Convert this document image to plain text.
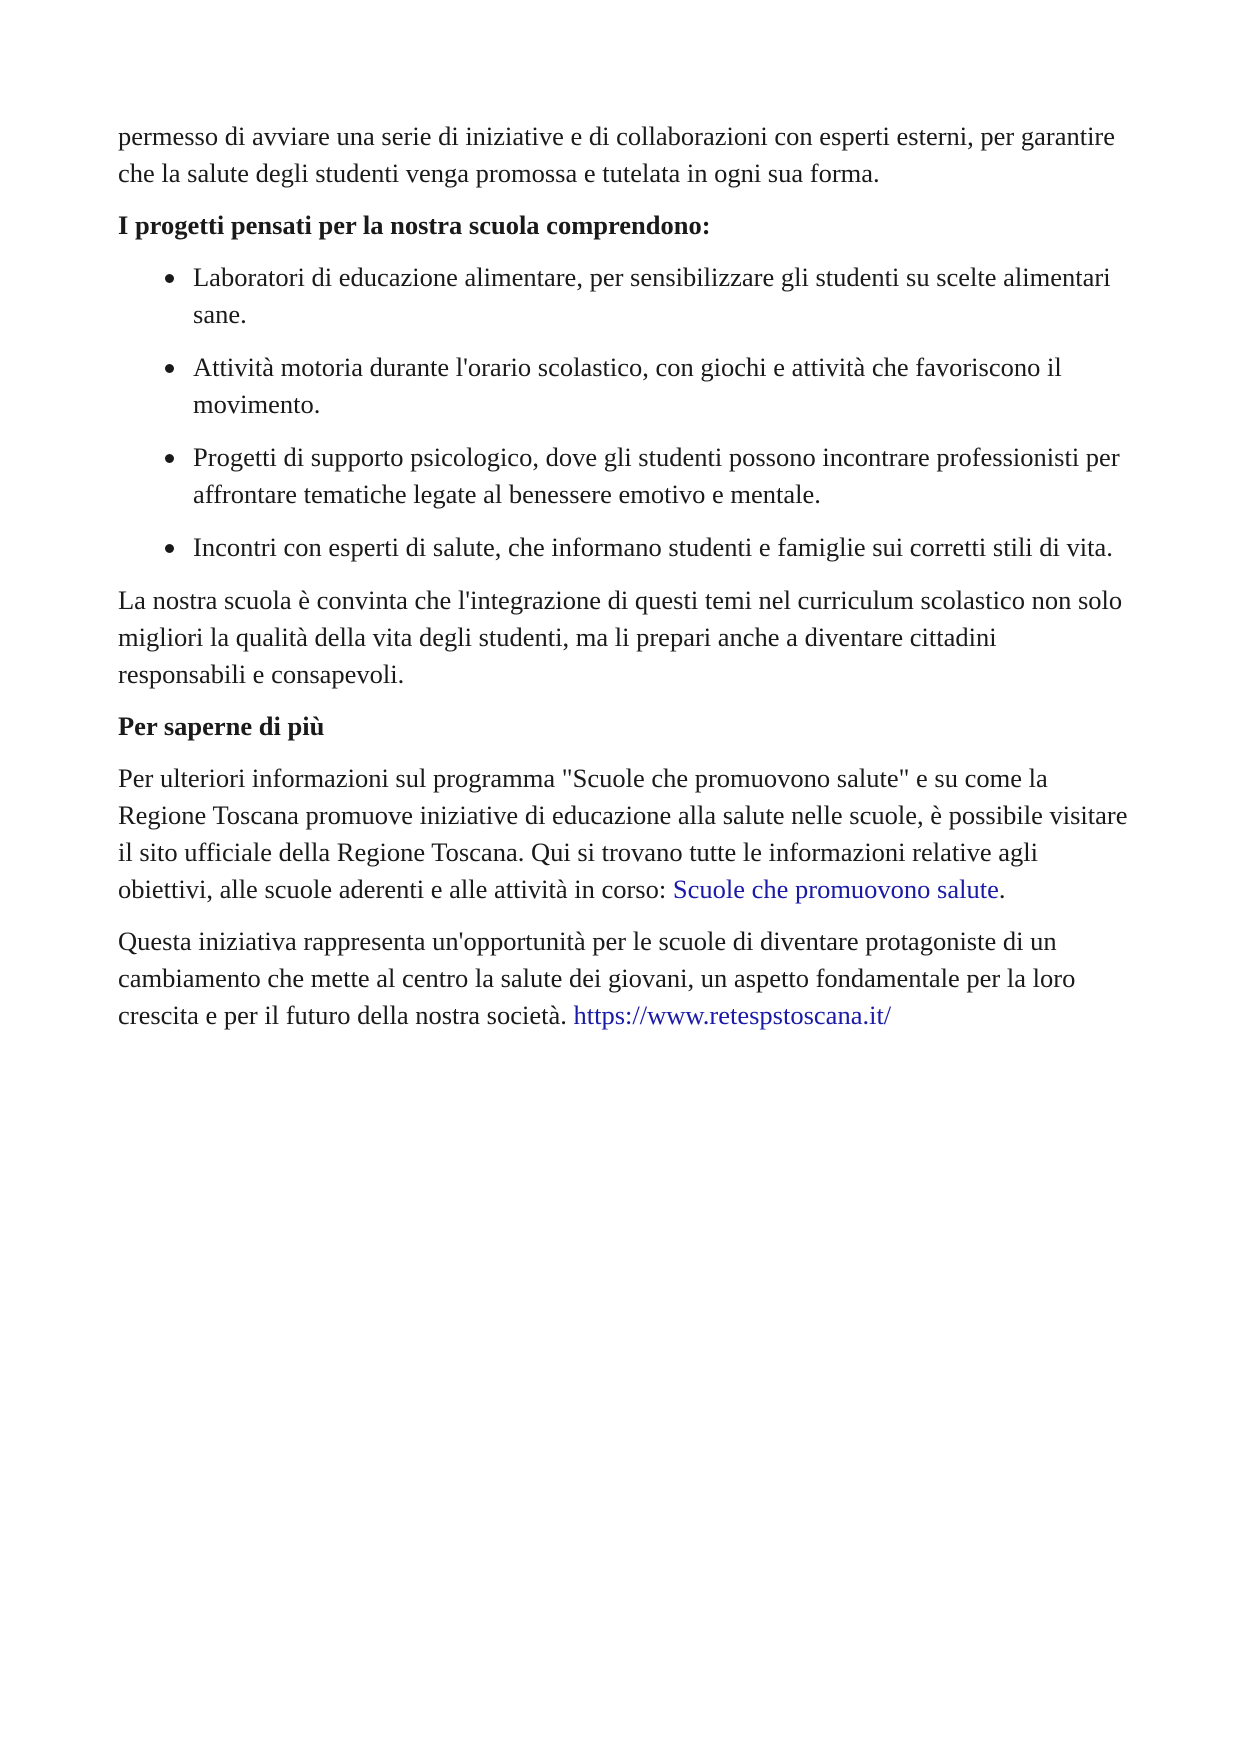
permesso di avviare una serie di iniziative e di collaborazioni con esperti esterni, per garantire che la salute degli studenti venga promossa e tutelata in ogni sua forma.

I progetti pensati per la nostra scuola comprendono:

Laboratori di educazione alimentare, per sensibilizzare gli studenti su scelte alimentari sane.
Attività motoria durante l'orario scolastico, con giochi e attività che favoriscono il movimento.
Progetti di supporto psicologico, dove gli studenti possono incontrare professionisti per affrontare tematiche legate al benessere emotivo e mentale.
Incontri con esperti di salute, che informano studenti e famiglie sui corretti stili di vita.

La nostra scuola è convinta che l'integrazione di questi temi nel curriculum scolastico non solo migliori la qualità della vita degli studenti, ma li prepari anche a diventare cittadini responsabili e consapevoli.

Per saperne di più

Per ulteriori informazioni sul programma "Scuole che promuovono salute" e su come la Regione Toscana promuove iniziative di educazione alla salute nelle scuole, è possibile visitare il sito ufficiale della Regione Toscana. Qui si trovano tutte le informazioni relative agli obiettivi, alle scuole aderenti e alle attività in corso: Scuole che promuovono salute.

Questa iniziativa rappresenta un'opportunità per le scuole di diventare protagoniste di un cambiamento che mette al centro la salute dei giovani, un aspetto fondamentale per la loro crescita e per il futuro della nostra società. https://www.retespstoscana.it/
